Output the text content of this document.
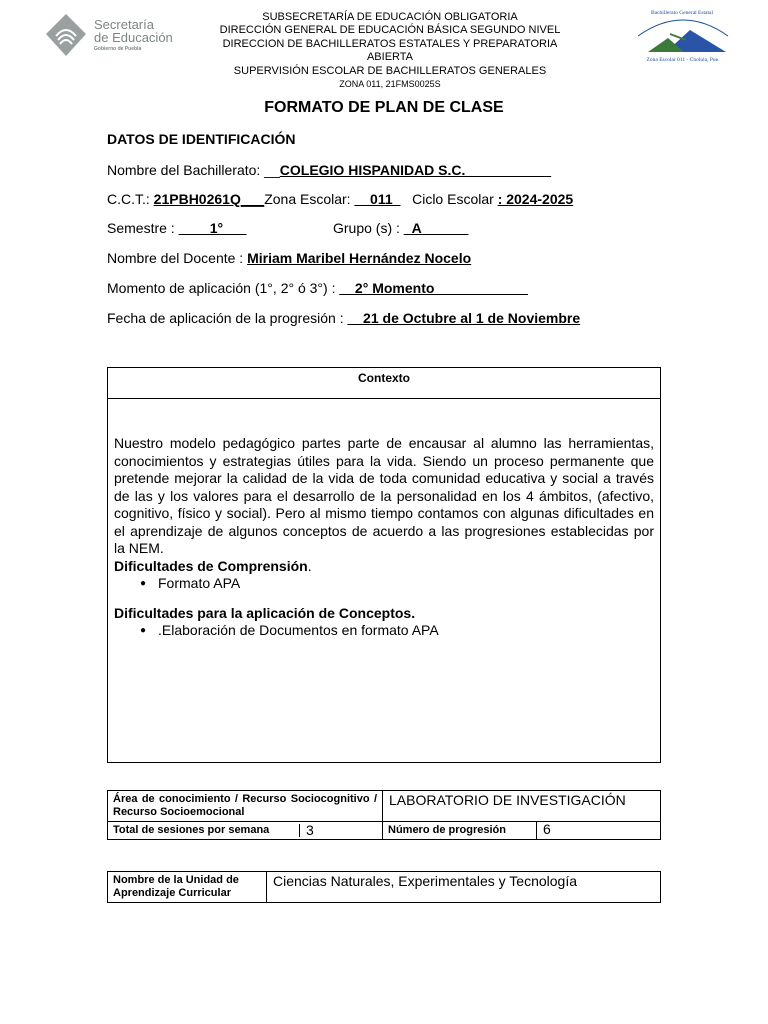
Secretaría
de Educación
Gobierno de Puebla
Bachillerato General Estatal
Zona Escolar 011 - Cholula, Pue.
SUBSECRETARÍA DE EDUCACIÓN OBLIGATORIA
DIRECCIÓN GENERAL DE EDUCACIÓN BÁSICA SEGUNDO NIVEL
DIRECCION DE BACHILLERATOS ESTATALES Y PREPARATORIA
ABIERTA
SUPERVISIÓN ESCOLAR DE BACHILLERATOS GENERALES
ZONA 011, 21FMS0025S
FORMATO DE PLAN DE CLASE
DATOS DE IDENTIFICACIÓN
Nombre del Bachillerato: __COLEGIO HISPANIDAD S.C.___________
C.C.T.: 21PBH0261Q___Zona Escolar: __011_ Ciclo Escolar : 2024-2025
Semestre : ____1°___	Grupo (s) : _A______
Nombre del Docente : Miriam Maribel Hernández Nocelo
Momento de aplicación (1°, 2° ó 3°) : __2° Momento____________
Fecha de aplicación de la progresión : __21 de Octubre al 1 de Noviembre
Contexto
Nuestro modelo pedagógico partes parte de encausar al alumno las herramientas, conocimientos y estrategias útiles para la vida. Siendo un proceso permanente que pretende mejorar la calidad de la vida de toda comunidad educativa y social a través de las y los valores para el desarrollo de la personalidad en los 4 ámbitos, (afectivo, cognitivo, físico y social). Pero al mismo tiempo contamos con algunas dificultades en el aprendizaje de algunos conceptos de acuerdo a las progresiones establecidas por la NEM.
Dificultades de Comprensión.
● Formato APA
Dificultades para la aplicación de Conceptos.
● .Elaboración de Documentos en formato APA
Área de conocimiento / Recurso Sociocognitivo / Recurso Socioemocional	LABORATORIO DE INVESTIGACIÓN	

Total de sesiones por semana 3	Número de progresión	6
Nombre de la Unidad de Aprendizaje Curricular	Ciencias Naturales, Experimentales y Tecnología
